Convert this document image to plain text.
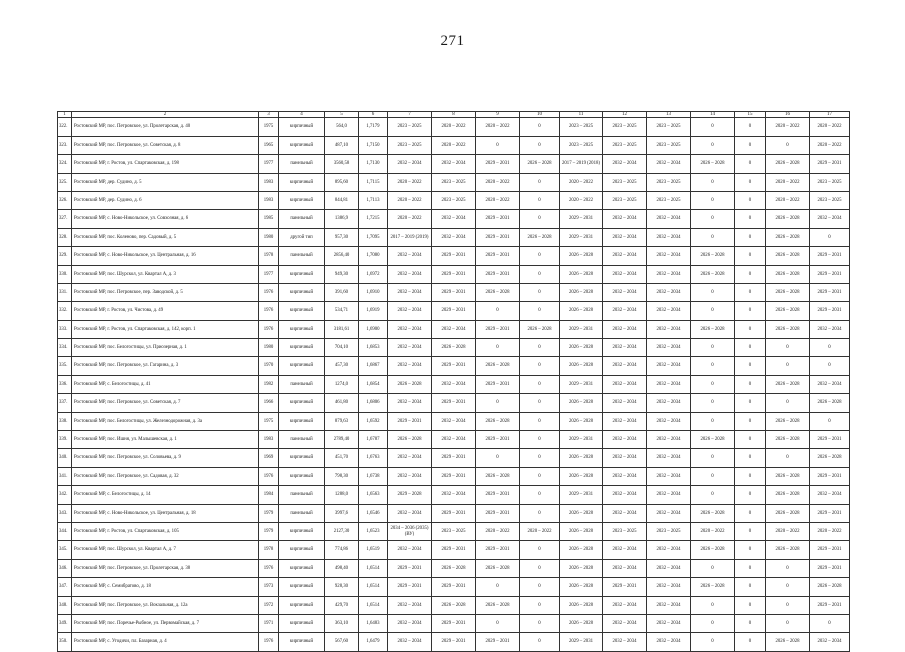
271
1	2	3	4	5	6	7	8	9	10	11	12	13	14	15	16	17
322.	Ростовский МР, пос. Петровское, ул. Пролетарская, д. 40	1975	кирпичный	564,0	1,7179	2023 – 2025	2020 – 2022	2020 – 2022	0	2023 – 2025	2023 – 2025	2023 – 2025	0	0	2020 – 2022	2020 – 2022
323.	Ростовский МР, пос. Петровское, ул. Советская, д. 8	1965	кирпичный	487,10	1,7150	2023 – 2025	2020 – 2022	0	0	2023 – 2025	2023 – 2025	2023 – 2025	0	0	0	2020 – 2022
324.	Ростовский МР, г. Ростов, ул. Спартаковская, д. 198	1977	панельный	3560,58	1,7130	2032 – 2034	2032 – 2034	2029 – 2031	2026 – 2028	2017 – 2019 (2018)	2032 – 2034	2032 – 2034	2026 – 2028	0	2026 – 2028	2029 – 2031
325.	Ростовский МР, дер. Судино, д. 5	1983	кирпичный	895,60	1,7115	2020 – 2022	2023 – 2025	2020 – 2022	0	2020 – 2022	2023 – 2025	2023 – 2025	0	0	2020 – 2022	2023 – 2025
326.	Ростовский МР, дер. Судино, д. 6	1983	кирпичный	844,81	1,7113	2020 – 2022	2023 – 2025	2020 – 2022	0	2020 – 2022	2023 – 2025	2023 – 2025	0	0	2020 – 2022	2023 – 2025
327.	Ростовский МР, с. Ново-Никольское, ул. Совхозная, д. 6	1985	панельный	1386,9	1,7215	2020 – 2022	2032 – 2034	2029 – 2031	0	2029 – 2031	2032 – 2034	2032 – 2034	0	0	2026 – 2028	2032 – 2034
328.	Ростовский МР, пос. Коленово, пер. Садовый, д. 5	1980	другой тип	957,30	1,7095	2017 – 2019 (2019)	2032 – 2034	2029 – 2031	2026 – 2028	2029 – 2031	2032 – 2034	2032 – 2034	0	0	2026 – 2028	0
329.	Ростовский МР, с. Ново-Никольское, ул. Центральная, д. 16	1978	панельный	2856,40	1,7080	2032 – 2034	2029 – 2031	2029 – 2031	0	2026 – 2028	2032 – 2034	2032 – 2034	2026 – 2028	0	2026 – 2028	2029 – 2031
330.	Ростовский МР, пос. Шурскол, ул. Квартал А, д. 3	1977	кирпичный	949,30	1,6972	2032 – 2034	2029 – 2031	2029 – 2031	0	2026 – 2028	2032 – 2034	2032 – 2034	2026 – 2028	0	2026 – 2028	2029 – 2031
331.	Ростовский МР, пос. Петровское, пер. Заводской, д. 5	1976	кирпичный	391,60	1,6910	2032 – 2034	2029 – 2031	2026 – 2028	0	2026 – 2028	2032 – 2034	2032 – 2034	0	0	2026 – 2028	2029 – 2031
332.	Ростовский МР, г. Ростов, ул. Чистова, д. 49	1976	кирпичный	534,71	1,6919	2032 – 2034	2029 – 2031	0	0	2026 – 2028	2032 – 2034	2032 – 2034	0	0	2026 – 2028	2029 – 2031
333.	Ростовский МР, г. Ростов, ул. Спартаковская, д. 142, корп. 1	1976	кирпичный	3181,61	1,6900	2032 – 2034	2032 – 2034	2029 – 2031	2026 – 2028	2029 – 2031	2032 – 2034	2032 – 2034	2026 – 2028	0	2026 – 2028	2032 – 2034
334.	Ростовский МР, пос. Белогостицы, ул. Приозерная, д. 1	1980	кирпичный	704,10	1,6853	2032 – 2034	2026 – 2028	0	0	2026 – 2028	2032 – 2034	2032 – 2034	0	0	0	0
335.	Ростовский МР, пос. Петровское, ул. Гагарина, д. 3	1970	кирпичный	457,30	1,6867	2032 – 2034	2029 – 2031	2026 – 2028	0	2026 – 2028	2032 – 2034	2032 – 2034	0	0	0	0
336.	Ростовский МР, с. Белогостицы, д. 41	1982	панельный	1274,0	1,6854	2026 – 2028	2032 – 2034	2029 – 2031	0	2029 – 2031	2032 – 2034	2032 – 2034	0	0	2026 – 2028	2032 – 2034
337.	Ростовский МР, пос. Петровское, ул. Советская, д. 7	1966	кирпичный	461,80	1,6806	2032 – 2034	2029 – 2031	0	0	2026 – 2028	2032 – 2034	2032 – 2034	0	0	0	2026 – 2028
338.	Ростовский МР, пос. Белогостицы, ул. Железнодорожная, д. 3а	1975	кирпичный	879,63	1,6592	2029 – 2031	2032 – 2034	2026 – 2028	0	2026 – 2028	2032 – 2034	2032 – 2034	0	0	2026 – 2028	0
339.	Ростовский МР, пос. Ишня, ул. Малышевская, д. 1	1983	панельный	2789,40	1,6787	2026 – 2028	2032 – 2034	2029 – 2031	0	2029 – 2031	2032 – 2034	2032 – 2034	2026 – 2028	0	2026 – 2028	2029 – 2031
340.	Ростовский МР, пос. Петровское, ул. Соловьева, д. 9	1969	кирпичный	451,70	1,6763	2032 – 2034	2029 – 2031	0	0	2026 – 2028	2032 – 2034	2032 – 2034	0	0	0	2026 – 2028
341.	Ростовский МР, пос. Петровское, ул. Садовая, д. 32	1976	кирпичный	798,30	1,6738	2032 – 2034	2029 – 2031	2026 – 2028	0	2026 – 2028	2032 – 2034	2032 – 2034	0	0	2026 – 2028	2029 – 2031
342.	Ростовский МР, с. Белогостицы, д. 14	1984	панельный	1288,0	1,6563	2029 – 2028	2032 – 2034	2029 – 2031	0	2029 – 2031	2032 – 2034	2032 – 2034	0	0	2026 – 2028	2032 – 2034
343.	Ростовский МР, с. Ново-Никольское, ул. Центральная, д. 18	1979	панельный	3997,6	1,6546	2032 – 2034	2029 – 2031	2029 – 2031	0	2026 – 2028	2032 – 2034	2032 – 2034	2026 – 2028	0	2026 – 2028	2029 – 2031
344.	Ростовский МР, г. Ростов, ул. Спартаковская, д. 105	1979	кирпичный	2127,30	1,6523	2034 – 2036 (2035) (ВУ)	2023 – 2025	2020 – 2022	2020 – 2022	2026 – 2028	2023 – 2025	2023 – 2025	2020 – 2022	0	2020 – 2022	2020 – 2022
345.	Ростовский МР, пос. Шурскол, ул. Квартал А, д. 7	1978	кирпичный	774,86	1,6519	2032 – 2034	2029 – 2031	2029 – 2031	0	2026 – 2028	2032 – 2034	2032 – 2034	2026 – 2028	0	2026 – 2028	2029 – 2031
346.	Ростовский МР, пос. Петровское, ул. Пролетарская, д. 38	1976	кирпичный	498,40	1,6514	2029 – 2031	2026 – 2028	2026 – 2028	0	2026 – 2028	2032 – 2034	2032 – 2034	0	0	0	2029 – 2031
347.	Ростовский МР, с. Семибратово, д. 18	1973	кирпичный	928,30	1,6514	2029 – 2031	2029 – 2031	0	0	2026 – 2028	2029 – 2031	2032 – 2034	2026 – 2028	0	0	2026 – 2028
348.	Ростовский МР, пос. Петровское, ул. Вокзальная, д. 12а	1972	кирпичный	429,70	1,6514	2032 – 2034	2026 – 2028	2026 – 2028	0	2026 – 2028	2032 – 2034	2032 – 2034	0	0	0	2029 – 2031
349.	Ростовский МР, пос. Поречье-Рыбное, ул. Первомайская, д. 7	1971	кирпичный	363,10	1,6483	2032 – 2034	2029 – 2031	0	0	2026 – 2028	2032 – 2034	2032 – 2034	0	0	0	0
350.	Ростовский МР, с. Угодичи, пл. Базарная, д. 4	1976	кирпичный	567,60	1,6479	2032 – 2034	2029 – 2031	2029 – 2031	0	2029 – 2031	2032 – 2034	2032 – 2034	0	0	2026 – 2028	2032 – 2034
